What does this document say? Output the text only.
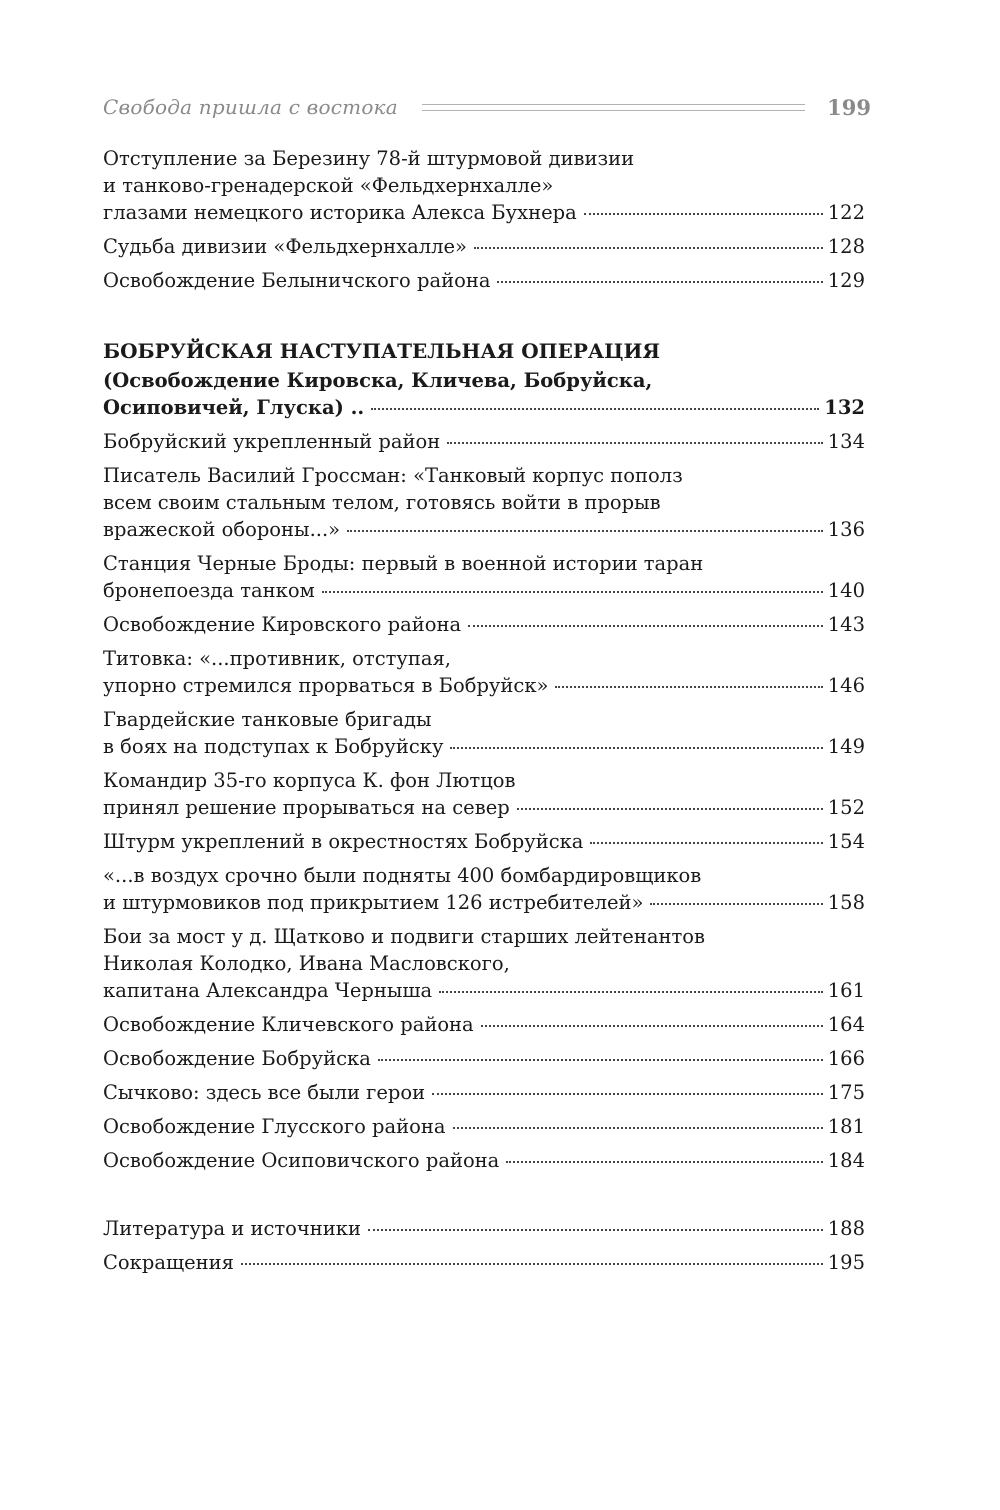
Свобода пришла с востока	199
Отступление за Березину 78-й штурмовой дивизии
и танково-гренадерской «Фельдхернхалле»
глазами немецкого историка Алекса Бухнера	122
Судьба дивизии «Фельдхернхалле»	128
Освобождение Белыничского района	129
БОБРУЙСКАЯ НАСТУПАТЕЛЬНАЯ ОПЕРАЦИЯ
(Освобождение Кировска, Кличева, Бобруйска,
Осиповичей, Глуска) ..	132
Бобруйский укрепленный район	134
Писатель Василий Гроссман: «Танковый корпус пополз
всем своим стальным телом, готовясь войти в прорыв
вражеской обороны...»	136
Станция Черные Броды: первый в военной истории таран
бронепоезда танком	140
Освобождение Кировского района	143
Титовка: «...противник, отступая,
упорно стремился прорваться в Бобруйск»	146
Гвардейские танковые бригады
в боях на подступах к Бобруйску	149
Командир 35-го корпуса К. фон Лютцов
принял решение прорываться на север	152
Штурм укреплений в окрестностях Бобруйска	154
«...в воздух срочно были подняты 400 бомбардировщиков
и штурмовиков под прикрытием 126 истребителей»	158
Бои за мост у д. Щатково и подвиги старших лейтенантов
Николая Колодко, Ивана Масловского,
капитана Александра Черныша	161
Освобождение Кличевского района	164
Освобождение Бобруйска	166
Сычково: здесь все были герои	175
Освобождение Глусского района	181
Освобождение Осиповичского района	184
Литература и источники	188
Сокращения	195
